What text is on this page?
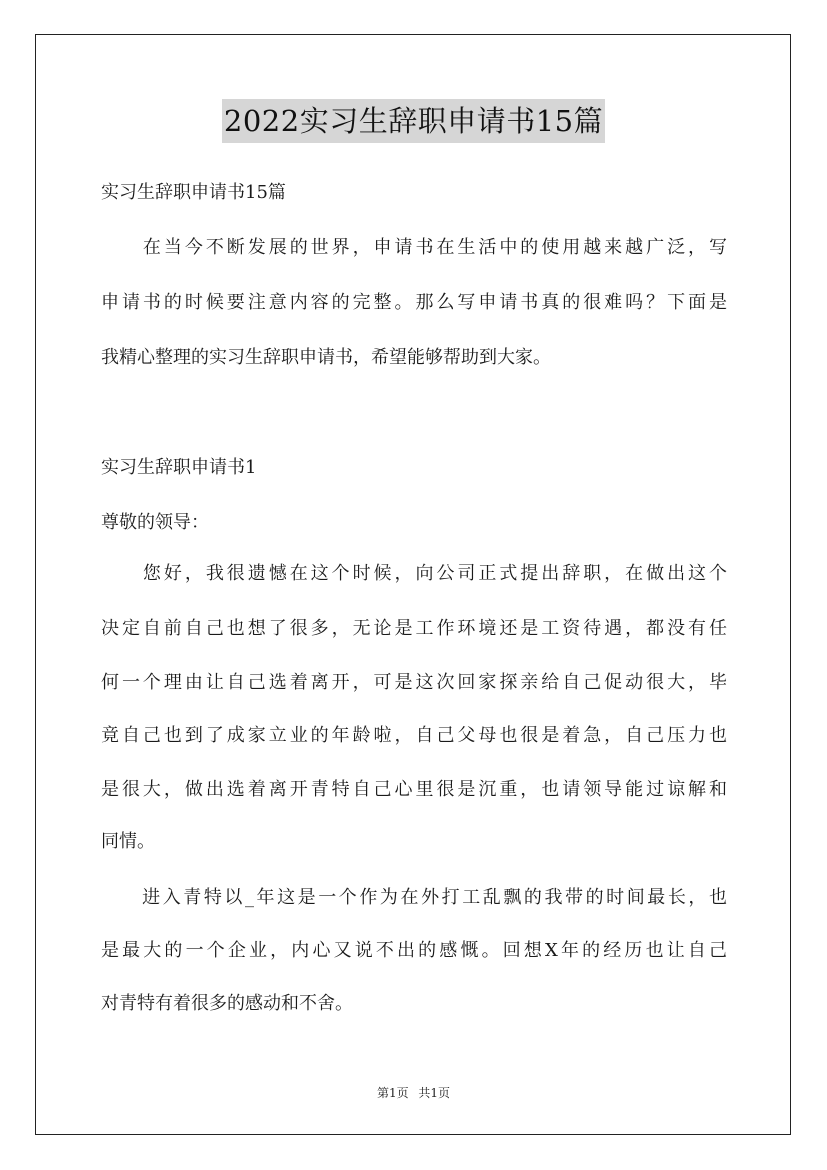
2022实习生辞职申请书15篇
实习生辞职申请书15篇
　　在当今不断发展的世界，申请书在生活中的使用越来越广泛，写
申请书的时候要注意内容的完整。那么写申请书真的很难吗？下面是
我精心整理的实习生辞职申请书，希望能够帮助到大家。
实习生辞职申请书1
尊敬的领导：
　　您好，我很遗憾在这个时候，向公司正式提出辞职，在做出这个
决定自前自己也想了很多，无论是工作环境还是工资待遇，都没有任
何一个理由让自己选着离开，可是这次回家探亲给自己促动很大，毕
竟自己也到了成家立业的年龄啦，自己父母也很是着急，自己压力也
是很大，做出选着离开青特自己心里很是沉重，也请领导能过谅解和
同情。
　　进入青特以_年这是一个作为在外打工乱飘的我带的时间最长，也
是最大的一个企业，内心又说不出的感慨。回想X年的经历也让自己
对青特有着很多的感动和不舍。
第1页 共1页
